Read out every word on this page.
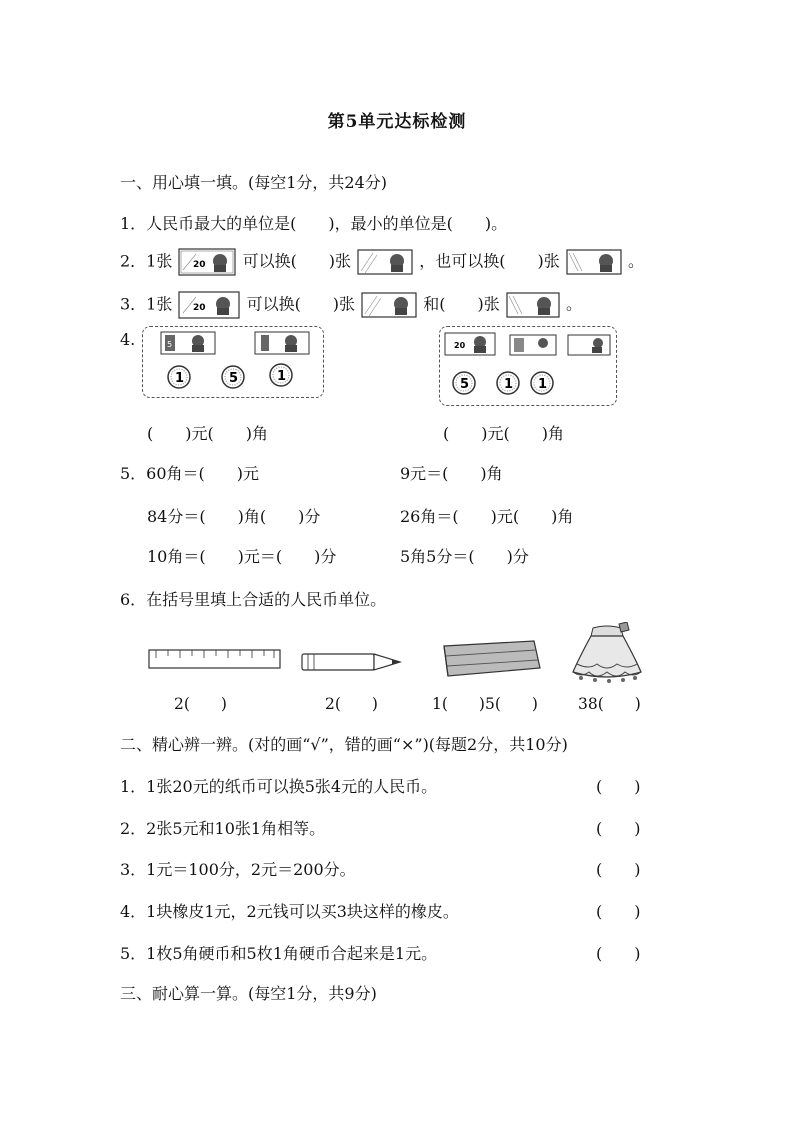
第5单元达标检测
一、用心填一填。(每空1分，共24分)
1．人民币最大的单位是(　　)，最小的单位是(　　)。
2．1张 20 可以换(　　)张	，也可以换(　　)张	。
3．1张 20	可以换(　　)张	和(　　)张	。
4.	5
1	5	1
20
5	1 1
(　　)元(　　)角	(　　)元(　　)角
5．60角＝(　　)元	9元＝(　　)角
84分＝(　　)角(　　)分	26角＝(　　)元(　　)角
10角＝(　　)元＝(　　)分	5角5分＝(　　)分
6．在括号里填上合适的人民币单位。
2(　　)	2(　　)	1(　　)5(　　)	38(　　)
二、精心辨一辨。(对的画“√”，错的画“×”)(每题2分，共10分)
1．1张20元的纸币可以换5张4元的人民币。	(　　)
2．2张5元和10张1角相等。	(　　)
3．1元＝100分，2元＝200分。	(　　)
4．1块橡皮1元，2元钱可以买3块这样的橡皮。	(　　)
5．1枚5角硬币和5枚1角硬币合起来是1元。	(　　)
三、耐心算一算。(每空1分，共9分)
